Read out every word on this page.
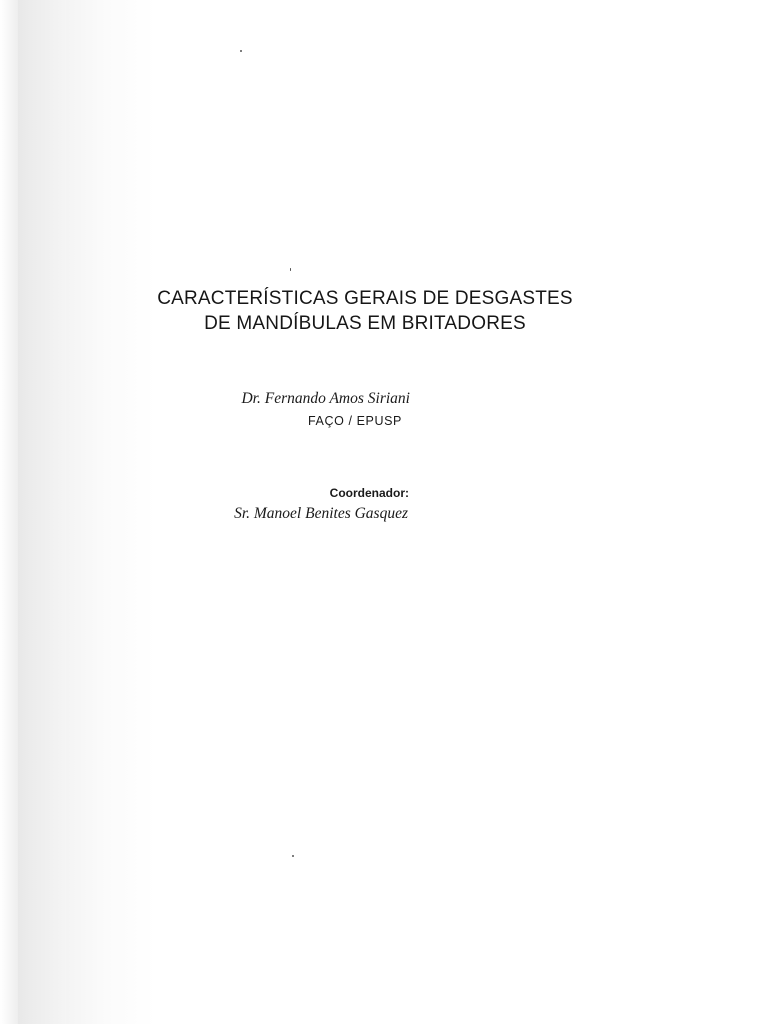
CARACTERÍSTICAS GERAIS DE DESGASTES
DE MANDÍBULAS EM BRITADORES
Dr. Fernando Amos Siriani
FAÇO / EPUSP
Coordenador:
Sr. Manoel Benites Gasquez
